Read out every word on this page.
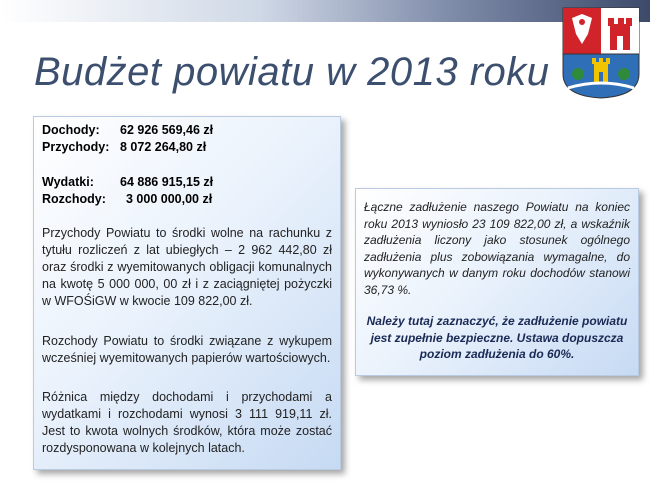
Budżet powiatu w 2013 roku
Dochody: 62 926 569,46 zł
Przychody: 8 072 264,80 zł
Wydatki: 64 886 915,15 zł
Rozchody: 3 000 000,00 zł
Przychody Powiatu to środki wolne na rachunku z tytułu rozliczeń z lat ubiegłych – 2 962 442,80 zł oraz środki z wyemitowanych obligacji komunalnych na kwotę 5 000 000, 00 zł i z zaciągniętej pożyczki w WFOŚiGW w kwocie 109 822,00 zł.
Rozchody Powiatu to środki związane z wykupem wcześniej wyemitowanych papierów wartościowych.
Różnica między dochodami i przychodami a wydatkami i rozchodami wynosi 3 111 919,11 zł. Jest to kwota wolnych środków, która może zostać rozdysponowana w kolejnych latach.
Łączne zadłużenie naszego Powiatu na koniec roku 2013 wyniosło 23 109 822,00 zł, a wskaźnik zadłużenia liczony jako stosunek ogólnego zadłużenia plus zobowiązania wymagalne, do wykonywanych w danym roku dochodów stanowi 36,73 %.
Należy tutaj zaznaczyć, że zadłużenie powiatu jest zupełnie bezpieczne. Ustawa dopuszcza poziom zadłużenia do 60%.
